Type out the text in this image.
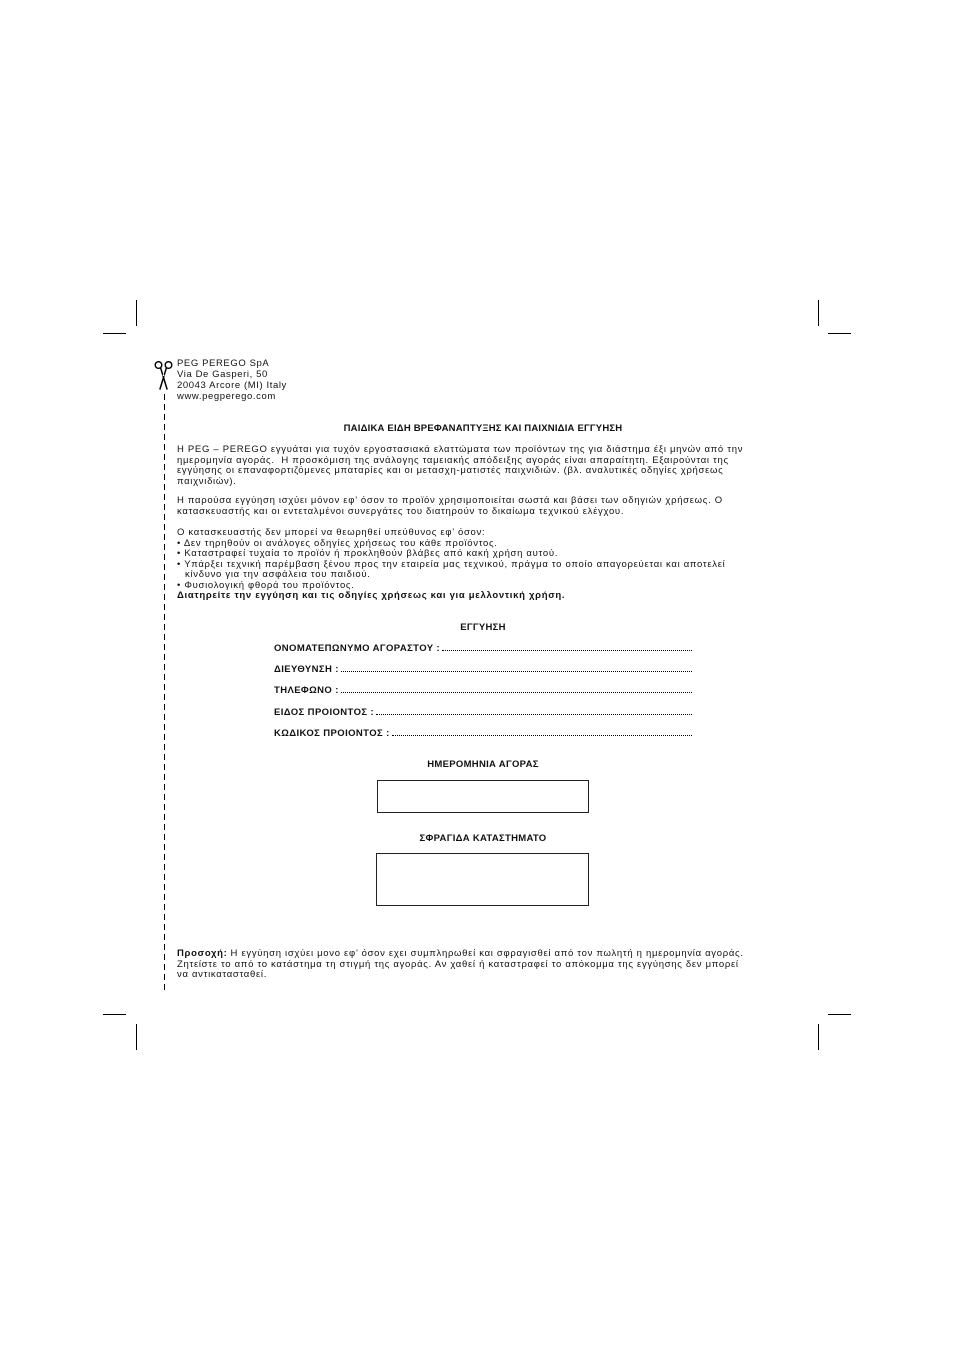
PEG PEREGO SpA
Via De Gasperi, 50
20043 Arcore (MI) Italy
www.pegperego.com
ΠΑΙΔΙΚΑ ΕΙΔΗ ΒΡΕΦΑΝΑΠΤΥΞΗΣ ΚΑΙ ΠΑΙΧΝΙΔΙΑ ΕΓΓΥΗΣΗ
Η PEG – PEREGO εγγυάται για τυχόν εργοστασιακά ελαττώματα των προϊόντων της για διάστημα έξι μηνών από την
ημερομηνία αγοράς.  Η προσκόμιση της ανάλογης ταμειακής απόδειξης αγοράς είναι απαραίτητη. Εξαιρούνται της
εγγύησης οι επαναφορτιζόμενες μπαταρίες και οι μετασχη-ματιστές παιχνιδιών. (βλ. αναλυτικές οδηγίες χρήσεως
παιχνιδιών).
Η παρούσα εγγύηση ισχύει μόνον εφ’ όσον το προϊόν χρησιμοποιείται σωστά και βάσει των οδηγιών χρήσεως. Ο
κατασκευαστής και οι εντεταλμένοι συνεργάτες του διατηρούν το δικαίωμα τεχνικού ελέγχου.
Ο κατασκευαστής δεν μπορεί να θεωρηθεί υπεύθυνος εφ’ όσον:
• Δεν τηρηθούν οι ανάλογες οδηγίες χρήσεως του κάθε προϊόντος.
• Καταστραφεί τυχαία το προϊόν ή προκληθούν βλάβες από κακή χρήση αυτού.
• Υπάρξει τεχνική παρέμβαση ξένου προς την εταιρεία μας τεχνικού, πράγμα το οποίο απαγορεύεται και αποτελεί
κίνδυνο για την ασφάλεια του παιδιού.
• Φυσιολογική φθορά του προϊόντος.
Διατηρείτε την εγγύηση και τις οδηγίες χρήσεως και για μελλοντική χρήση.
ΕΓΓΥΗΣΗ
ΟΝΟΜΑΤΕΠΩΝΥΜΟ ΑΓΟΡΑΣΤΟΥ :
ΔΙΕΥΘΥΝΣΗ :
ΤΗΛΕΦΩΝΟ :
ΕΙΔΟΣ ΠΡΟΙΟΝΤΟΣ :
ΚΩΔΙΚΟΣ ΠΡΟΙΟΝΤΟΣ :
ΗΜΕΡΟΜΗΝΙΑ ΑΓΟΡΑΣ
ΣΦΡΑΓΙΔΑ ΚΑΤΑΣΤΗΜΑΤΟ
Προσοχή: Η εγγύηση ισχύει μονο εφ’ όσον εχει συμπληρωθεί και σφραγισθεί από τον πωλητή η ημερομηνία αγοράς.
Ζητείστε το από το κατάστημα τη στιγμή της αγοράς. Αν χαθεί ή καταστραφεί το απόκομμα της εγγύησης δεν μπορεί
να αντικατασταθεί.
